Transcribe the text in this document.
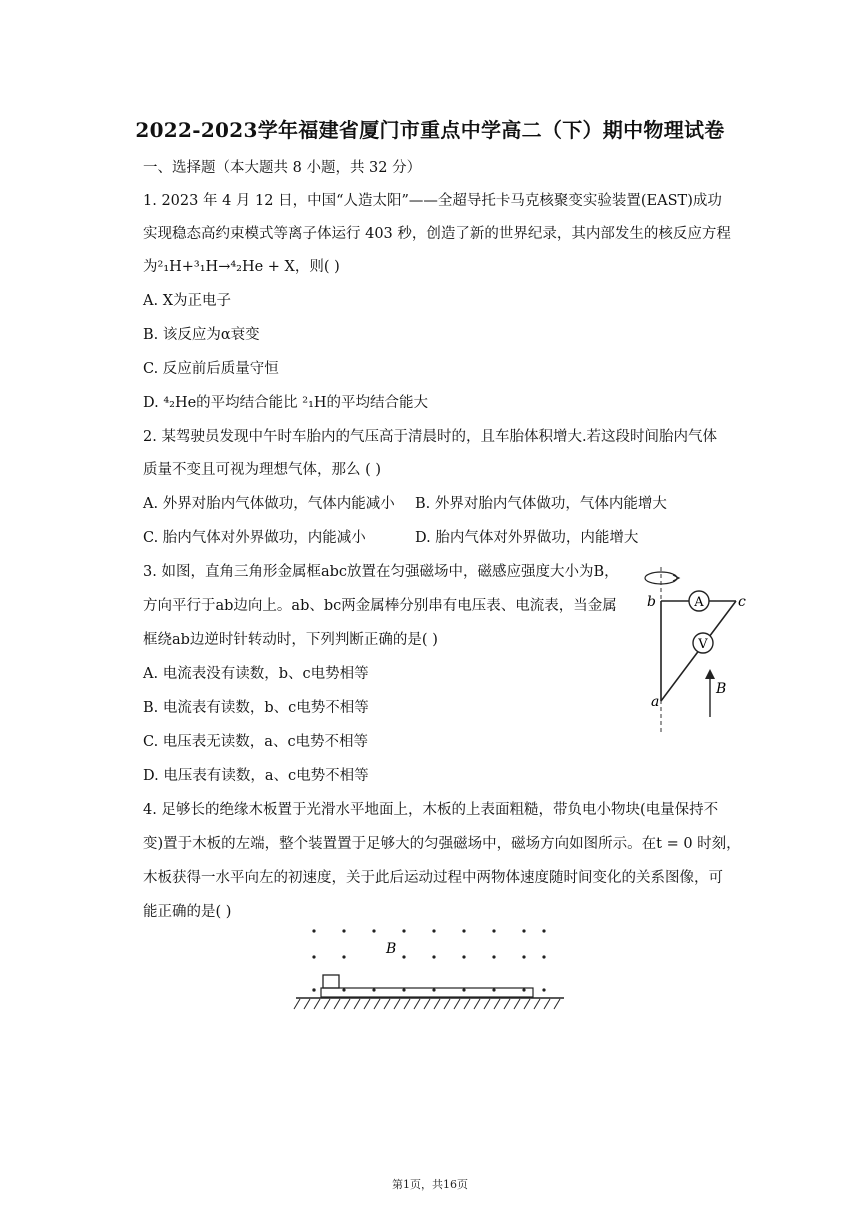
2022-2023学年福建省厦门市重点中学高二（下）期中物理试卷
一、选择题（本大题共 8 小题，共 32 分）
1. 2023 年 4 月 12 日，中国“人造太阳”——全超导托卡马克核聚变实验装置(EAST)成功
实现稳态高约束模式等离子体运行 403 秒，创造了新的世界纪录，其内部发生的核反应方程
为²₁H+³₁H→⁴₂He + X，则( )
A. X为正电子
B. 该反应为α衰变
C. 反应前后质量守恒
D. ⁴₂He的平均结合能比 ²₁H的平均结合能大
2. 某驾驶员发现中午时车胎内的气压高于清晨时的，且车胎体积增大.若这段时间胎内气体
质量不变且可视为理想气体，那么 ( )
A. 外界对胎内气体做功，气体内能减小 B. 外界对胎内气体做功，气体内能增大
C. 胎内气体对外界做功，内能减小	D. 胎内气体对外界做功，内能增大
3. 如图，直角三角形金属框abc放置在匀强磁场中，磁感应强度大小为B，
方向平行于ab边向上。ab、bc两金属棒分别串有电压表、电流表，当金属
框绕ab边逆时针转动时，下列判断正确的是( )
A. 电流表没有读数，b、c电势相等
B. 电流表有读数，b、c电势不相等
C. 电压表无读数，a、c电势不相等
D. 电压表有读数，a、c电势不相等
A
V
b	c
a
B
4. 足够长的绝缘木板置于光滑水平地面上，木板的上表面粗糙，带负电小物块(电量保持不
变)置于木板的左端，整个装置置于足够大的匀强磁场中，磁场方向如图所示。在t = 0 时刻，
木板获得一水平向左的初速度，关于此后运动过程中两物体速度随时间变化的关系图像，可
能正确的是( )
B
第1页，共16页
